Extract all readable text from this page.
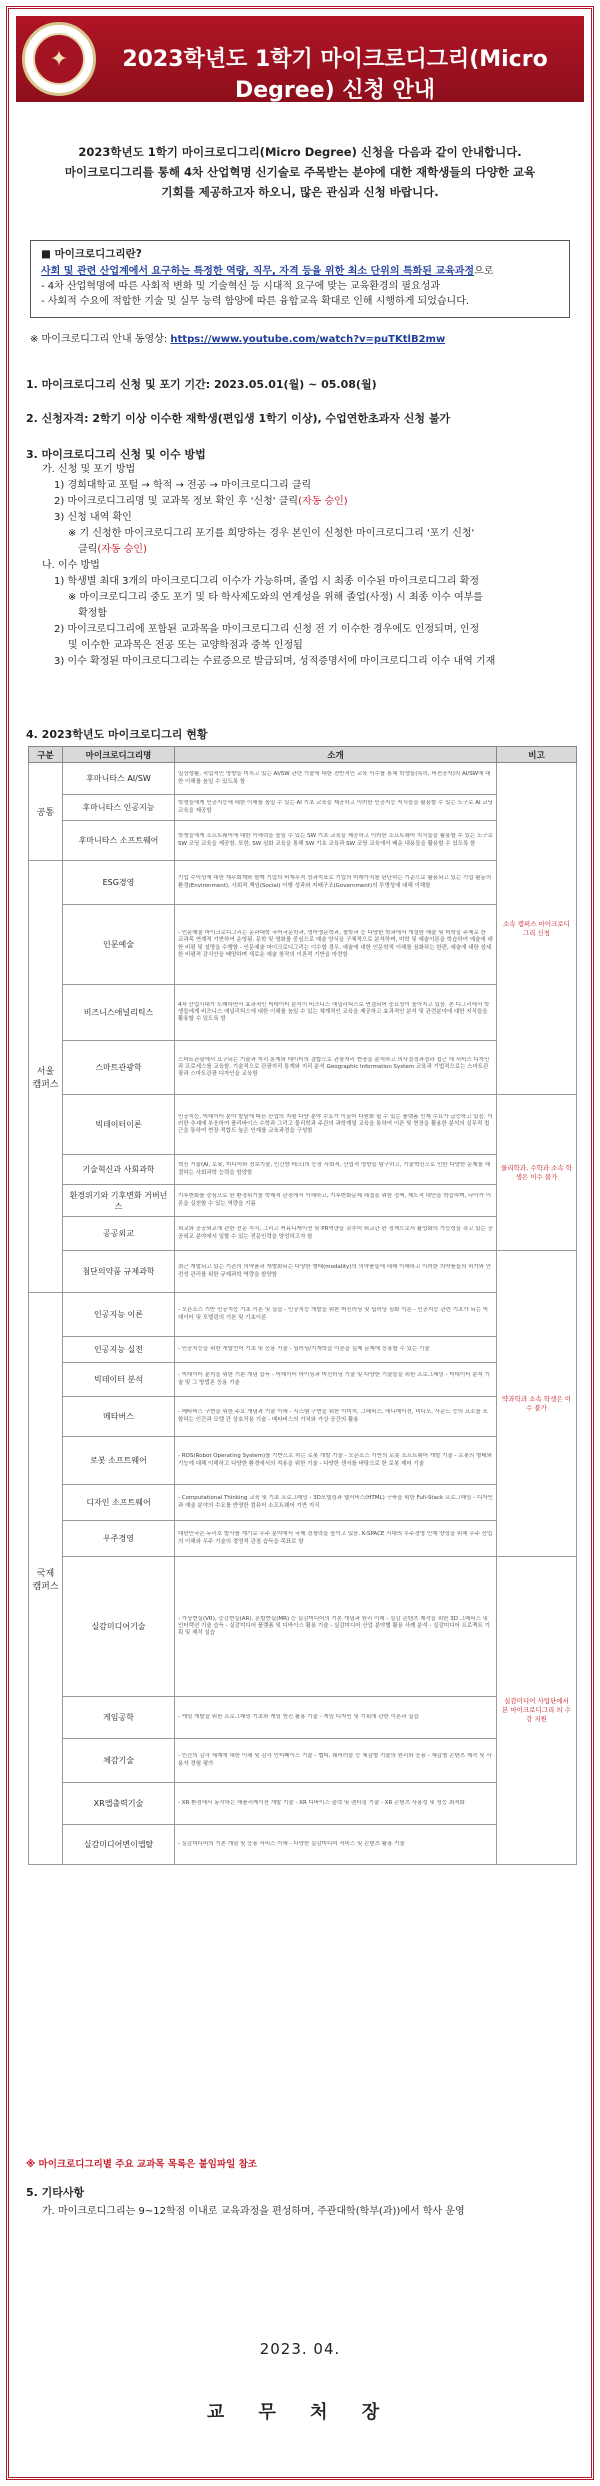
✦	2023학년도 1학기 마이크로디그리(Micro Degree) 신청 안내
2023학년도 1학기 마이크로디그리(Micro Degree) 신청을 다음과 같이 안내합니다.
마이크로디그리를 통해 4차 산업혁명 신기술로 주목받는 분야에 대한 재학생들의 다양한 교육
기회를 제공하고자 하오니, 많은 관심과 신청 바랍니다.
■ 마이크로디그리란?
사회 및 관련 산업계에서 요구하는 특정한 역량, 직무, 자격 등을 위한 최소 단위의 특화된 교육과정으로
- 4차 산업혁명에 따른 사회적 변화 및 기술혁신 등 시대적 요구에 맞는 교육환경의 필요성과
- 사회적 수요에 적합한 기술 및 실무 능력 함양에 따른 융합교육 확대로 인해 시행하게 되었습니다.
※ 마이크로디그리 안내 동영상: https://www.youtube.com/watch?v=puTKtlB2mw
1. 마이크로디그리 신청 및 포기 기간: 2023.05.01(월) ~ 05.08(월)
2. 신청자격: 2학기 이상 이수한 재학생(편입생 1학기 이상), 수업연한초과자 신청 불가
3. 마이크로디그리 신청 및 이수 방법
가. 신청 및 포기 방법
1) 경희대학교 포털 → 학적 → 전공 → 마이크로디그리 클릭
2) 마이크로디그리명 및 교과목 정보 확인 후 '신청' 클릭(자동 승인)
3) 신청 내역 확인
※ 기 신청한 마이크로디그리 포기를 희망하는 경우 본인이 신청한 마이크로디그리 '포기 신청'
클릭(자동 승인)
나. 이수 방법
1) 학생별 최대 3개의 마이크로디그리 이수가 가능하며, 졸업 시 최종 이수된 마이크로디그리 확정
※ 마이크로디그리 중도 포기 및 타 학사제도와의 연계성을 위해 졸업(사정) 시 최종 이수 여부를
확정함
2) 마이크로디그리에 포함된 교과목을 마이크로디그리 신청 전 기 이수한 경우에도 인정되며, 인정
및 이수한 교과목은 전공 또는 교양학점과 중복 인정됨
3) 이수 확정된 마이크로디그리는 수료증으로 발급되며, 성적증명서에 마이크로디그리 이수 내역 기재
4. 2023학년도 마이크로디그리 현황
구분	마이크로디그리명	소개	비고
공통	후마니타스 AI/SW	일상생활, 직업적인 영향을 미치고 있는 AI/SW 관련 기술에 대한 전반적인 교육 이수를 통해 학생들(특히, 비전공자)의 AI/SW에 대한 이해를 높일 수 있도록 함	소속 캠퍼스 마이크로디그리 신청
	후마니타스 인공지능	학생들에게 인공지능에 대한 이해를 높일 수 있는 AI 기초 교육을 제공하고 이러한 인공지능 지식들을 활용할 수 있는 도구로 AI 코딩 교육을 제공함	

	후마니타스 소프트웨어	학생들에게 소프트웨어에 대한 이해력을 높일 수 있는 SW 기초 교육을 제공하고 이러한 소프트웨어 지식들을 활용할 수 있는 도구로 SW 코딩 교육을 제공함. 또한, SW 심화 교육을 통해 SW 기초 교육과 SW 코딩 교육에서 배운 내용들을 활용할 수 있도록 함	

서울 캠퍼스	ESG경영	기업 수익성에 대한 재무회계와 함께 기업의 비재무적 성과지표로 기업의 미래가치를 판단하는 기준으로 활용되고 있는 기업 활동의 환경(Environment), 사회적 책임(Social) 이행 성과와 지배구조(Government)의 투명성에 대해 이해함	

	인문예술	- 인문예술 마이크로디그리는 문과대학 국어국문학과, 영어영문학과, 철학과 등 다양한 학과에서 개설한 예술 및 미학을 주제로 한 교과목 연계적 기반하여 운영됨. 문학 및 영화를 중심으로 예술 양식을 구체적으로 분석하며, 미학 및 예술이론을 학습하여 예술에 대한 비평 및 설명을 수행함 - 인문예술 마이크로디그리는 이수할 경우, 예술에 대한 인문학적 이해를 심화하는 한편, 예술에 대한 섬세한 비평적 감식안을 배양하며 새로운 예술 창작의 이론적 기반을 마련함	

	비즈니스애널리틱스	4차 산업시대가 도래하면서 효과적인 빅데이터 분석이 비즈니스 애널리틱스로 연결되어 중요성이 높아지고 있음. 본 디그리에서 학생들에게 비즈니스 애널리틱스에 대한 이해를 높일 수 있는 체계적인 교육을 제공하고 효과적인 분석 및 관련분야에 대한 지식들을 활용할 수 있도록 함	

	스마트관광학	스마트관광에서 요구되는 기술과 지리 통계와 데이터의 결합으로 관광지리 현장을 분석하고 의사결정과정과 접근 에 서비스 디자인과 프로세스를 교육함. 기술적으로 관광지리 통계와 지리 분석 Geographic Information System 교육과 기법적으로는 스마트관광과 스마트관광 디자인을 교육함	

	빅데이터이론	인공지능, 빅데이터 분야 발달에 따른 산업의 지평 다양 분야 수요가 이끌어 다원화 될 수 있는 플랫폼 인재 수요가 급증하고 있음. 이러한 추세에 부응하여 플리바이스 수학과 그리고 물리학과 주관의 과학계열 교육을 통하여 이론 및 현장을 활용한 분석의 실무적 접근을 통하여 현장 적합도 높은 인재를 교육과정을 구성함	물리학과, 수학과 소속 학생은 이수 불가
	기술혁신과 사회과학	혁신 기술(AI, 로봇, 미디어와 정보기술, 인간향 테크)의 등장 사회적, 산업적 영향을 탐구하고, 기술혁신으로 인한 다양한 문제를 해결하는 사회과학 능력을 함양함	

	환경위기와 기후변화 거버넌스	기후변화를 중심으로 한 환경위기를 학제적 관점에서 이해하고, 기후변화문제 해결을 위한 정책, 제도적 대안을 학습하며, 나아가 이론을 실천할 수 있는 역량을 기름	

	공공외교	외교와 공공외교에 관한 전문 지식, 그리고 커뮤니케이션 및 PR역량을 갖추어 외교관 완 정책으로서 활성화의 가능성을 갖고 있는 공공외교 분야에서 일할 수 있는 전문인력을 양성하고자 함	

	첨단의약품 규제과학	최근 개발되고 있는 기존의 의약품과 개별화되는 다양한 형태(modality)의 의약품들에 대해 이해하고 이러한 의약품들의 허가와 안전성 관리를 위한 규제과학 역량을 함양함	약과학과 소속 학생은 이수 불가
국제 캠퍼스	인공지능 이론	- 오픈소스 기반 인공지능 기초 이론 및 실습 - 인공지능 개발을 위한 머신러닝 및 딥러닝 심화 이론 - 인공지능 관련 기초가 되는 빅데이터 및 모델링의 기본 및 기초이론	

	인공지능 실전	- 인공지능을 위한 개발언어 기초 및 응용 기술 - 딥러닝/기계학습 이론을 실제 문제에 응용할 수 있는 기술	

	빅데이터 분석	- 빅데이터 분석을 위한 기본 개념 습득 - 빅데이터 마이닝과 머신러닝 기술 및 다양한 기술들을 위한 프로그래밍 - 빅데이터 분석 기술 및 그 방법론 응용 기술	

	메타버스	- 메타버스 구현을 위한 주요 개념과 기술 이해 - 시스템 구현을 위한 이미지, 그래픽스, 애니메이션, 비디오, 사운드 등의 요소를 포함하는 인간과 모델 간 상호작용 기술 - 메타버스의 가치와 가상 공간의 활용	

	로봇 소프트웨어	- ROS(Robot Operating System)를 기반으로 하는 로봇 개발 기술 - 오픈소스 기반의 로봇 소프트웨어 개발 기술 - 로봇의 형태와 기능에 대해 이해하고 다양한 환경에서의 적용을 위한 기술 - 다양한 센서를 바탕으로 한 로봇 제어 기술	

	디자인 소프트웨어	- Computational Thinking 교육 및 기초 프로그래밍 - 3D모델링과 웹서비스(HTML) 구축을 위한 Full-Stack 프로그래밍 - 디자인과 예술 분야의 수요를 반영한 컴퓨터 소프트웨어 기반 지식	

	우주경영	대한민국은 누리호 발사를 계기로 우주 분야에서 국제 경쟁력을 높이고 있음. K-SPACE 시대의 우주경영 인재 양성을 위해 우주 산업의 이해와 우주 기술의 경영적 관점 습득을 목표로 함	

	실감미디어기술	- 가상현실(VR), 증강현실(AR), 혼합현실(MR) 등 실감미디어의 기본 개념과 원리 이해 - 실감 콘텐츠 제작을 위한 3D 그래픽스 및 인터랙션 기술 습득 - 실감미디어 플랫폼 및 디바이스 활용 기술 - 실감미디어 산업 분야별 활용 사례 분석 - 실감미디어 프로젝트 기획 및 제작 실습	실감미디어 사업단에서 본 마이크로디그리 의 수강 지원
	게임공학	- 게임 개발을 위한 프로그래밍 기초와 게임 엔진 활용 기술 - 게임 디자인 및 기획에 관한 이론과 실습	

	체감기술	- 인간의 감각 체계에 대한 이해 및 감각 인터페이스 기술 - 햅틱, 웨어러블 등 체감형 기술의 원리와 응용 - 체감형 콘텐츠 제작 및 사용자 경험 평가	

	XR앱출력기술	- XR 환경에서 동작하는 애플리케이션 개발 기술 - XR 디바이스 출력 및 렌더링 기술 - XR 콘텐츠 사용성 및 성능 최적화	

	실감미디어변이앱탈	- 실감미디어의 기본 개념 및 응용 서비스 이해 - 다양한 실감미디어 서비스 및 콘텐츠 활용 기술	
※ 마이크로디그리별 주요 교과목 목록은 붙임파일 참조
5. 기타사항
가. 마이크로디그리는 9~12학점 이내로 교육과정을 편성하며, 주관대학(학부(과))에서 학사 운영
2023. 04.
교 무 처 장
